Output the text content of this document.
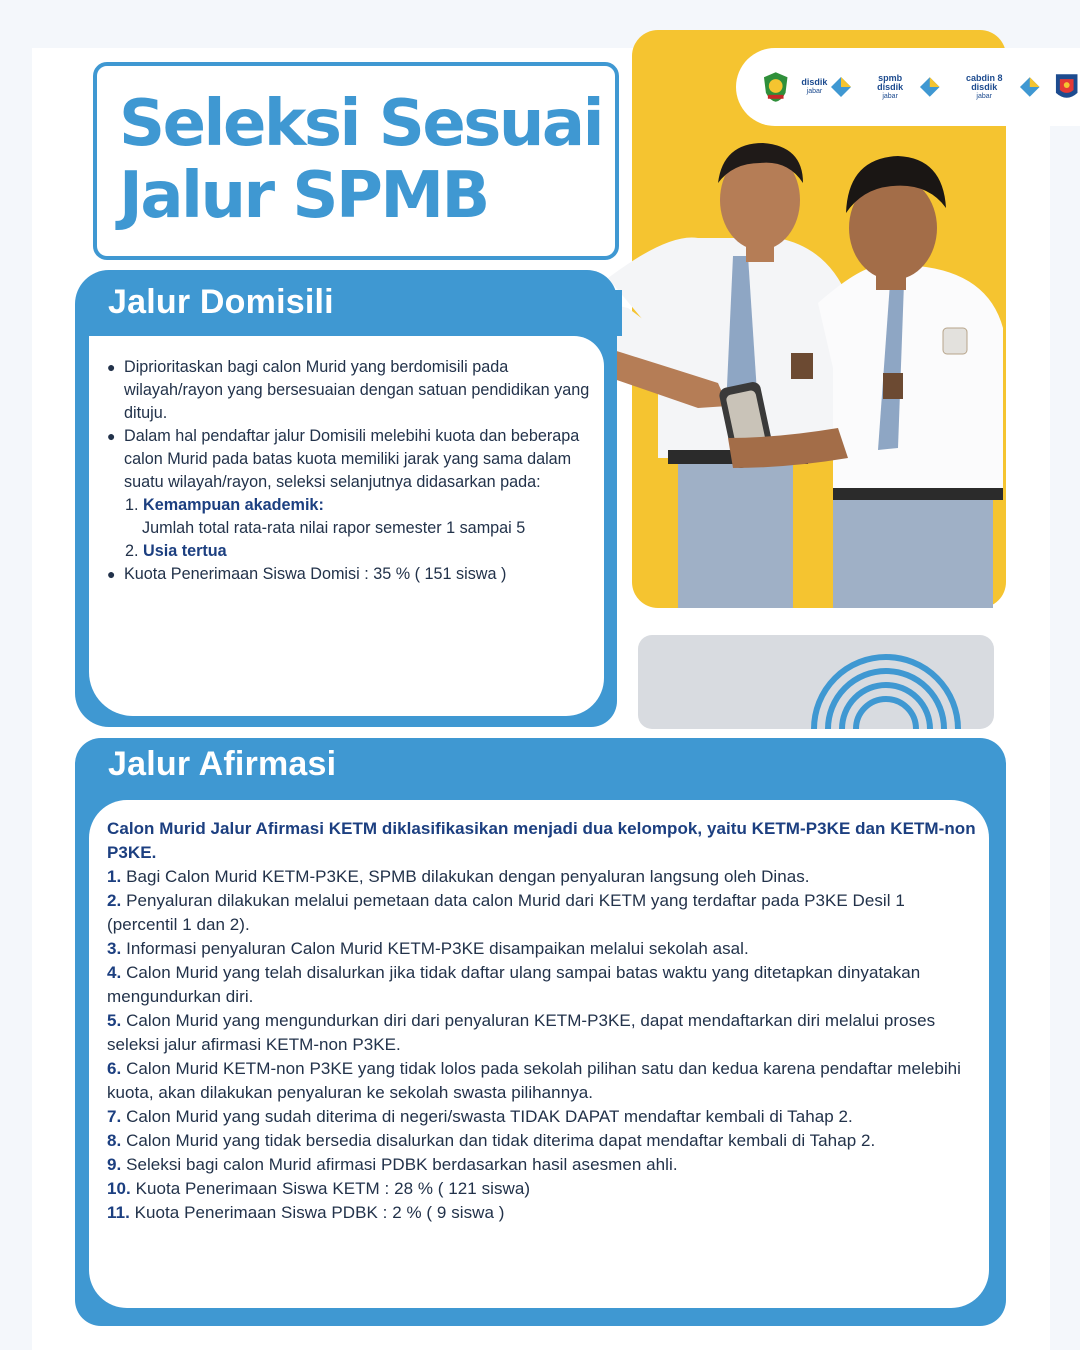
Seleksi Sesuai
Jalur SPMB
disdik
jabar
spmb disdik
jabar
cabdin 8 disdik
jabar
Jalur Domisili
● Diprioritaskan bagi calon Murid yang berdomisili pada wilayah/rayon yang bersesuaian dengan satuan pendidikan yang dituju.
● Dalam hal pendaftar jalur Domisili melebihi kuota dan beberapa calon Murid pada batas kuota memiliki jarak yang sama dalam suatu wilayah/rayon, seleksi selanjutnya didasarkan pada:
1. Kemampuan akademik:
Jumlah total rata-rata nilai rapor semester 1 sampai 5
2. Usia tertua
● Kuota Penerimaan Siswa Domisi : 35 % ( 151 siswa )
Jalur Afirmasi
Calon Murid Jalur Afirmasi KETM diklasifikasikan menjadi dua kelompok, yaitu KETM-P3KE dan KETM-non P3KE.
1. Bagi Calon Murid KETM-P3KE, SPMB dilakukan dengan penyaluran langsung oleh Dinas.
2. Penyaluran dilakukan melalui pemetaan data calon Murid dari KETM yang terdaftar pada P3KE Desil 1       (percentil 1 dan 2).
3. Informasi penyaluran Calon Murid KETM-P3KE disampaikan melalui sekolah asal.
4. Calon Murid yang telah disalurkan jika tidak daftar ulang sampai batas waktu yang ditetapkan dinyatakan mengundurkan diri.
5. Calon Murid yang mengundurkan diri dari penyaluran KETM-P3KE, dapat mendaftarkan diri melalui proses seleksi jalur afirmasi KETM-non P3KE.
6. Calon Murid KETM-non P3KE yang tidak lolos pada sekolah pilihan satu dan kedua karena pendaftar melebihi kuota, akan dilakukan penyaluran ke sekolah swasta pilihannya.
7. Calon Murid yang sudah diterima di negeri/swasta TIDAK DAPAT mendaftar kembali di Tahap 2.
8. Calon Murid yang tidak bersedia disalurkan dan tidak diterima dapat mendaftar kembali di Tahap 2.
9. Seleksi bagi calon Murid afirmasi PDBK berdasarkan hasil asesmen ahli.
10. Kuota Penerimaan Siswa KETM : 28 % ( 121 siswa)
11. Kuota Penerimaan Siswa PDBK : 2 % ( 9 siswa )
